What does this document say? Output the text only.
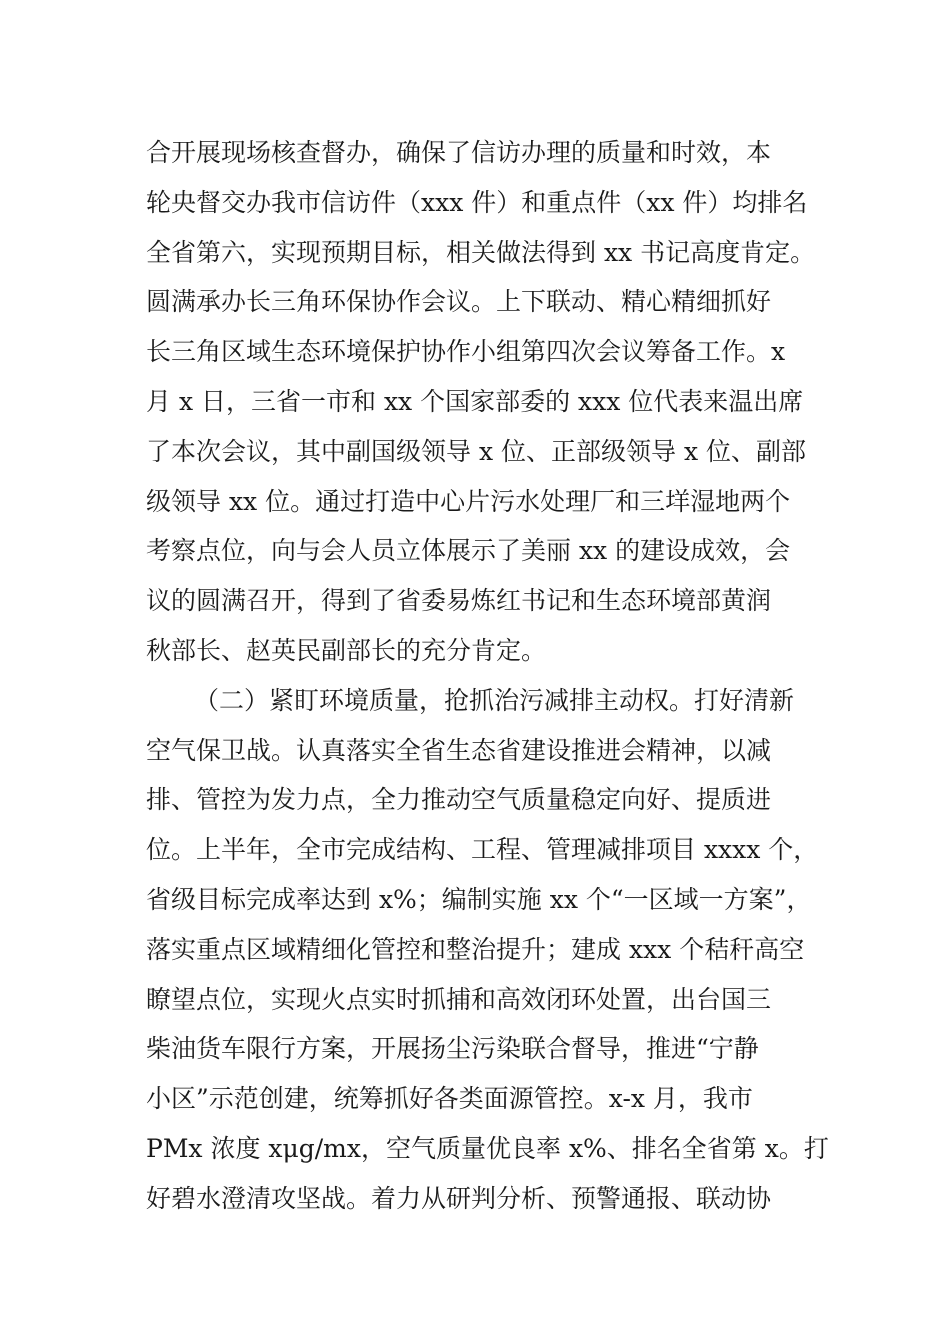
合开展现场核查督办，确保了信访办理的质量和时效，本
轮央督交办我市信访件（xxx 件）和重点件（xx 件）均排名
全省第六，实现预期目标，相关做法得到 xx 书记高度肯定。
圆满承办长三角环保协作会议。上下联动、精心精细抓好
长三角区域生态环境保护协作小组第四次会议筹备工作。x
月 x 日，三省一市和 xx 个国家部委的 xxx 位代表来温出席
了本次会议，其中副国级领导 x 位、正部级领导 x 位、副部
级领导 xx 位。通过打造中心片污水处理厂和三垟湿地两个
考察点位，向与会人员立体展示了美丽 xx 的建设成效，会
议的圆满召开，得到了省委易炼红书记和生态环境部黄润
秋部长、赵英民副部长的充分肯定。
（二）紧盯环境质量，抢抓治污减排主动权。打好清新
空气保卫战。认真落实全省生态省建设推进会精神，以减
排、管控为发力点，全力推动空气质量稳定向好、提质进
位。上半年，全市完成结构、工程、管理减排项目 xxxx 个，
省级目标完成率达到 x%；编制实施 xx 个“一区域一方案”，
落实重点区域精细化管控和整治提升；建成 xxx 个秸秆高空
瞭望点位，实现火点实时抓捕和高效闭环处置，出台国三
柴油货车限行方案，开展扬尘污染联合督导，推进“宁静
小区”示范创建，统筹抓好各类面源管控。x-x 月，我市
PMx 浓度 xμg/mx，空气质量优良率 x%、排名全省第 x。打
好碧水澄清攻坚战。着力从研判分析、预警通报、联动协
